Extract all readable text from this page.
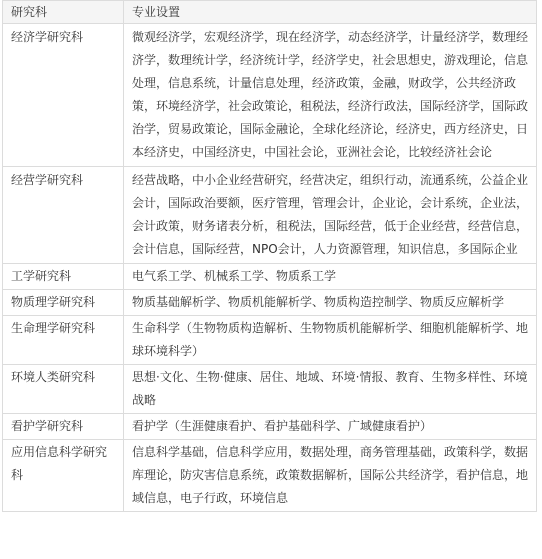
研究科	专业设置
经济学研究科	微观经济学，宏观经济学，现在经济学，动态经济学，计量经济学，数理经济学，数理统计学，经济统计学，经济学史，社会思想史，游戏理论，信息处理，信息系统，计量信息处理，经济政策，金融，财政学，公共经济政策，环境经济学，社会政策论，租税法，经济行政法，国际经济学，国际政治学，贸易政策论，国际金融论，全球化经济论，经济史，西方经济史，日本经济史，中国经济史，中国社会论，亚洲社会论，比较经济社会论
经营学研究科	经营战略，中小企业经营研究，经营决定，组织行动，流通系统，公益企业会计，国际政治要额，医疗管理，管理会计，企业论，会计系统，企业法，会计政策，财务诸表分析，租税法，国际经营，低于企业经营，经营信息，会计信息，国际经营，NPO会计，人力资源管理，知识信息，多国际企业
工学研究科	电气系工学、机械系工学、物质系工学
物质理学研究科	物质基础解析学、物质机能解析学、物质构造控制学、物质反应解析学
生命理学研究科	生命科学（生物物质构造解析、生物物质机能解析学、细胞机能解析学、地球环境科学）
环境人类研究科	思想·文化、生物·健康、居住、地域、环境·情报、教育、生物多样性、环境战略
看护学研究科	看护学（生涯健康看护、看护基础科学、广域健康看护）
应用信息科学研究科	信息科学基础，信息科学应用，数据处理，商务管理基础，政策科学，数据库理论，防灾害信息系统，政策数据解析，国际公共经济学，看护信息，地域信息，电子行政，环境信息
